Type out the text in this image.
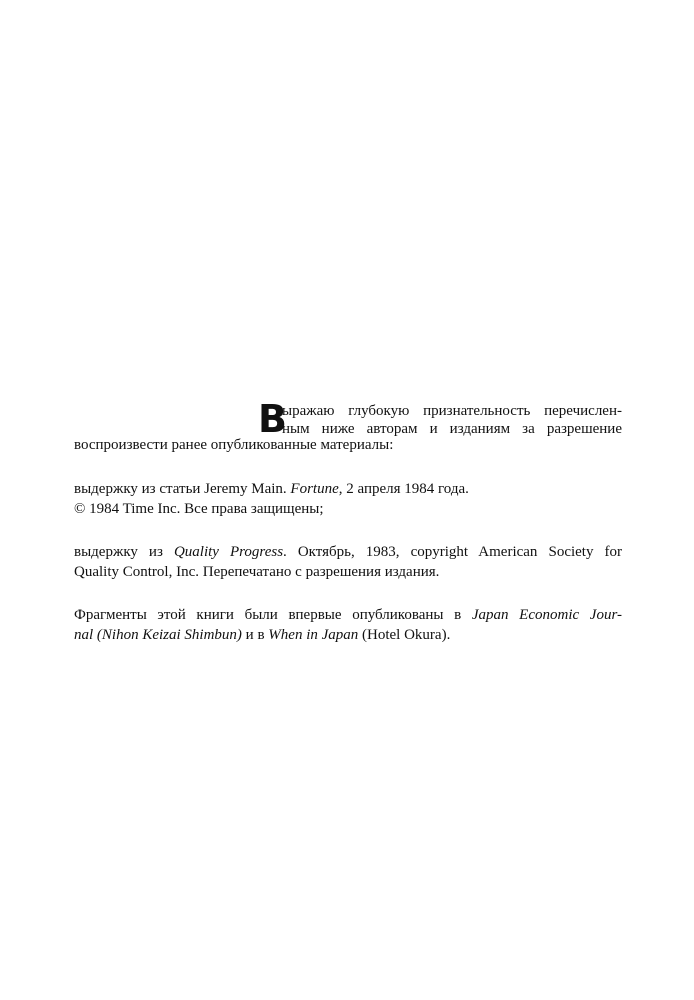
В
ыражаю глубокую признательность перечислен-
ным ниже авторам и изданиям за разрешение
воспроизвести ранее опубликованные материалы:
выдержку из статьи Jeremy Main. Fortune, 2 апреля 1984 года.
© 1984 Time Inc. Все права защищены;
выдержку из Quality Progress. Октябрь, 1983, copyright American Society for
Quality Control, Inc. Перепечатано с разрешения издания.
Фрагменты этой книги были впервые опубликованы в Japan Economic Jour-
nal (Nihon Keizai Shimbun) и в When in Japan (Hotel Okura).
